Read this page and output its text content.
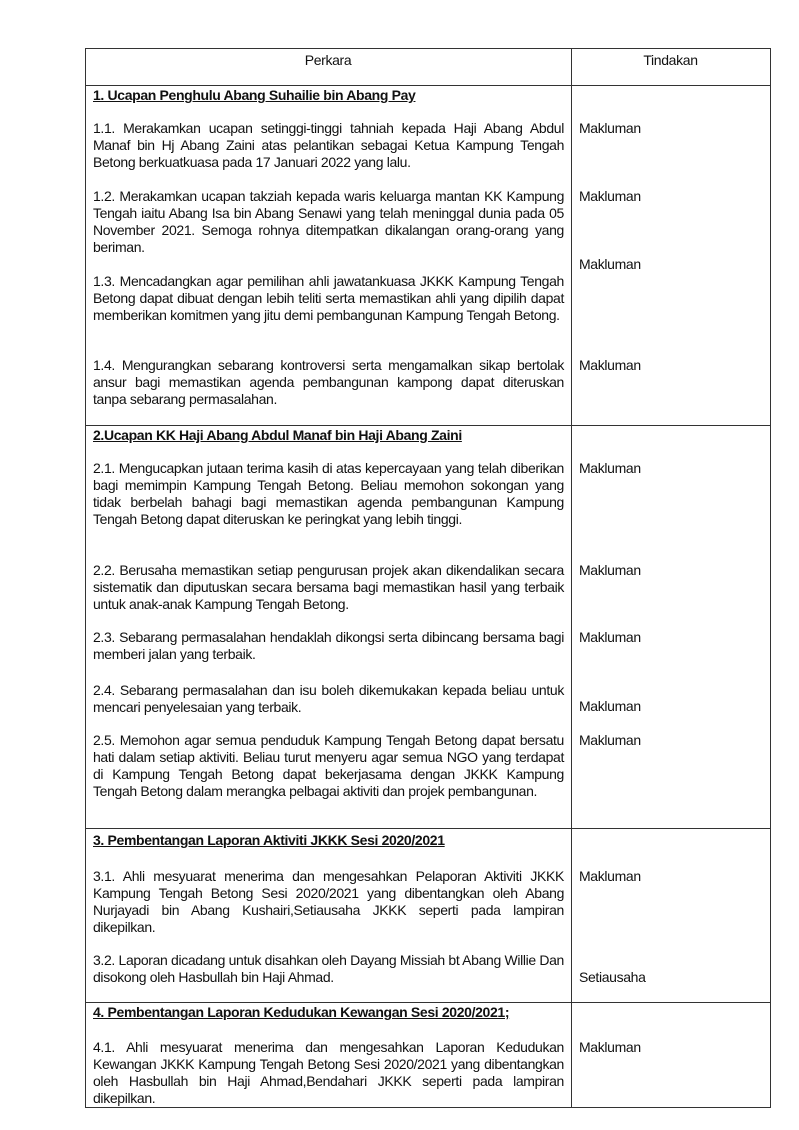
Perkara	Tindakan
1. Ucapan Penghulu Abang Suhailie bin Abang Pay
1.1. Merakamkan ucapan setinggi-tinggi tahniah kepada Haji Abang Abdul Manaf bin Hj Abang Zaini atas pelantikan sebagai Ketua Kampung Tengah Betong berkuatkuasa pada 17 Januari 2022 yang lalu.
Makluman
1.2. Merakamkan ucapan takziah kepada waris keluarga mantan KK Kampung Tengah iaitu Abang Isa bin Abang Senawi yang telah meninggal dunia pada 05 November 2021. Semoga rohnya ditempatkan dikalangan orang-orang yang beriman.
Makluman
1.3. Mencadangkan agar pemilihan ahli jawatankuasa JKKK Kampung Tengah Betong dapat dibuat dengan lebih teliti serta memastikan ahli yang dipilih dapat memberikan komitmen yang jitu demi pembangunan Kampung Tengah Betong.
Makluman
1.4. Mengurangkan sebarang kontroversi serta mengamalkan sikap bertolak ansur bagi memastikan agenda pembangunan kampong dapat diteruskan tanpa sebarang permasalahan.
Makluman
2.Ucapan KK Haji Abang Abdul Manaf bin Haji Abang Zaini
2.1. Mengucapkan jutaan terima kasih di atas kepercayaan yang telah diberikan bagi memimpin Kampung Tengah Betong. Beliau memohon sokongan yang tidak berbelah bahagi bagi memastikan agenda pembangunan Kampung Tengah Betong dapat diteruskan ke peringkat yang lebih tinggi.
Makluman
2.2. Berusaha memastikan setiap pengurusan projek akan dikendalikan secara sistematik dan diputuskan secara bersama bagi memastikan hasil yang terbaik untuk anak-anak Kampung Tengah Betong.
Makluman
2.3. Sebarang permasalahan hendaklah dikongsi serta dibincang bersama bagi memberi jalan yang terbaik.
Makluman
2.4. Sebarang permasalahan dan isu boleh dikemukakan kepada beliau untuk mencari penyelesaian yang terbaik.	Makluman
2.5. Memohon agar semua penduduk Kampung Tengah Betong dapat bersatu hati dalam setiap aktiviti. Beliau turut menyeru agar semua NGO yang terdapat di Kampung Tengah Betong dapat bekerjasama dengan JKKK Kampung Tengah Betong dalam merangka pelbagai aktiviti dan projek pembangunan.
Makluman
3. Pembentangan Laporan Aktiviti JKKK Sesi 2020/2021
3.1. Ahli mesyuarat menerima dan mengesahkan Pelaporan Aktiviti JKKK Kampung Tengah Betong Sesi 2020/2021 yang dibentangkan oleh Abang Nurjayadi bin Abang Kushairi,Setiausaha JKKK seperti pada lampiran dikepilkan.
Makluman
3.2. Laporan dicadang untuk disahkan oleh Dayang Missiah bt Abang Willie Dan disokong oleh Hasbullah bin Haji Ahmad.	Setiausaha
4. Pembentangan Laporan Kedudukan Kewangan Sesi 2020/2021;
4.1. Ahli mesyuarat menerima dan mengesahkan Laporan Kedudukan Kewangan JKKK Kampung Tengah Betong Sesi 2020/2021 yang dibentangkan oleh Hasbullah bin Haji Ahmad,Bendahari JKKK seperti pada lampiran dikepilkan.
Makluman
